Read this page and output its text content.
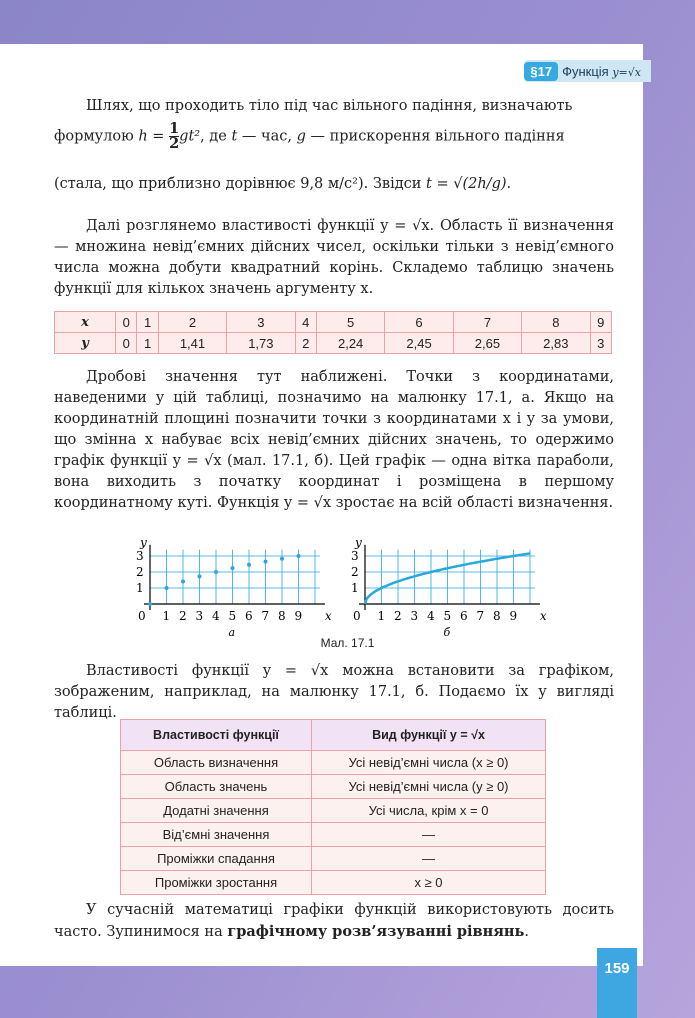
§17 Функція y=√x
Шлях, що проходить тіло під час вільного падіння, визначають
формулою $h = \frac{1}{2} gt^2$, де t — час, g — прискорення вільного падіння
(стала, що приблизно дорівнює 9,8 м/с²). Звідси t = √(2h/g).
Далі розглянемо властивості функції y = √x. Область її визначення — множина невід’ємних дійсних чисел, оскільки тільки з невід’ємного числа можна добути квадратний корінь. Складемо таблицю значень функції для кількох значень аргументу x.
x	0	1	2	3	4	5	6	7	8	9
y	0	1	1,41	1,73	2	2,24	2,45	2,65	2,83	3
Дробові значення тут наближені. Точки з координатами, наведеними у цій таблиці, позначимо на малюнку 17.1, а. Якщо на координатній площині позначити точки з координатами x і y за умови, що змінна x набуває всіх невід’ємних дійсних значень, то одержимо графік функції y = √x (мал. 17.1, б). Цей графік — одна вітка параболи, вона виходить з початку координат і розміщена в першому координатному куті. Функція y = √x зростає на всій області визначення.
0 1 2 3 4 5 6 7 8 9
1
2
3
x
y
а
0 1 2 3 4 5 6 7 8 9
1
2
3
x
y
б
Мал. 17.1
Властивості функції y = √x можна встановити за графіком, зображеним, наприклад, на малюнку 17.1, б. Подаємо їх у вигляді таблиці.
Властивості функції	Вид функції y = √x
Область визначення	Усі невід’ємні числа (x ≥ 0)
Область значень	Усі невід’ємні числа (y ≥ 0)
Додатні значення	Усі числа, крім x = 0
Від’ємні значення	—
Проміжки спадання	—
Проміжки зростання	x ≥ 0
У сучасній математиці графіки функцій використовують досить часто. Зупинимося на графічному розв’язуванні рівнянь.
159
